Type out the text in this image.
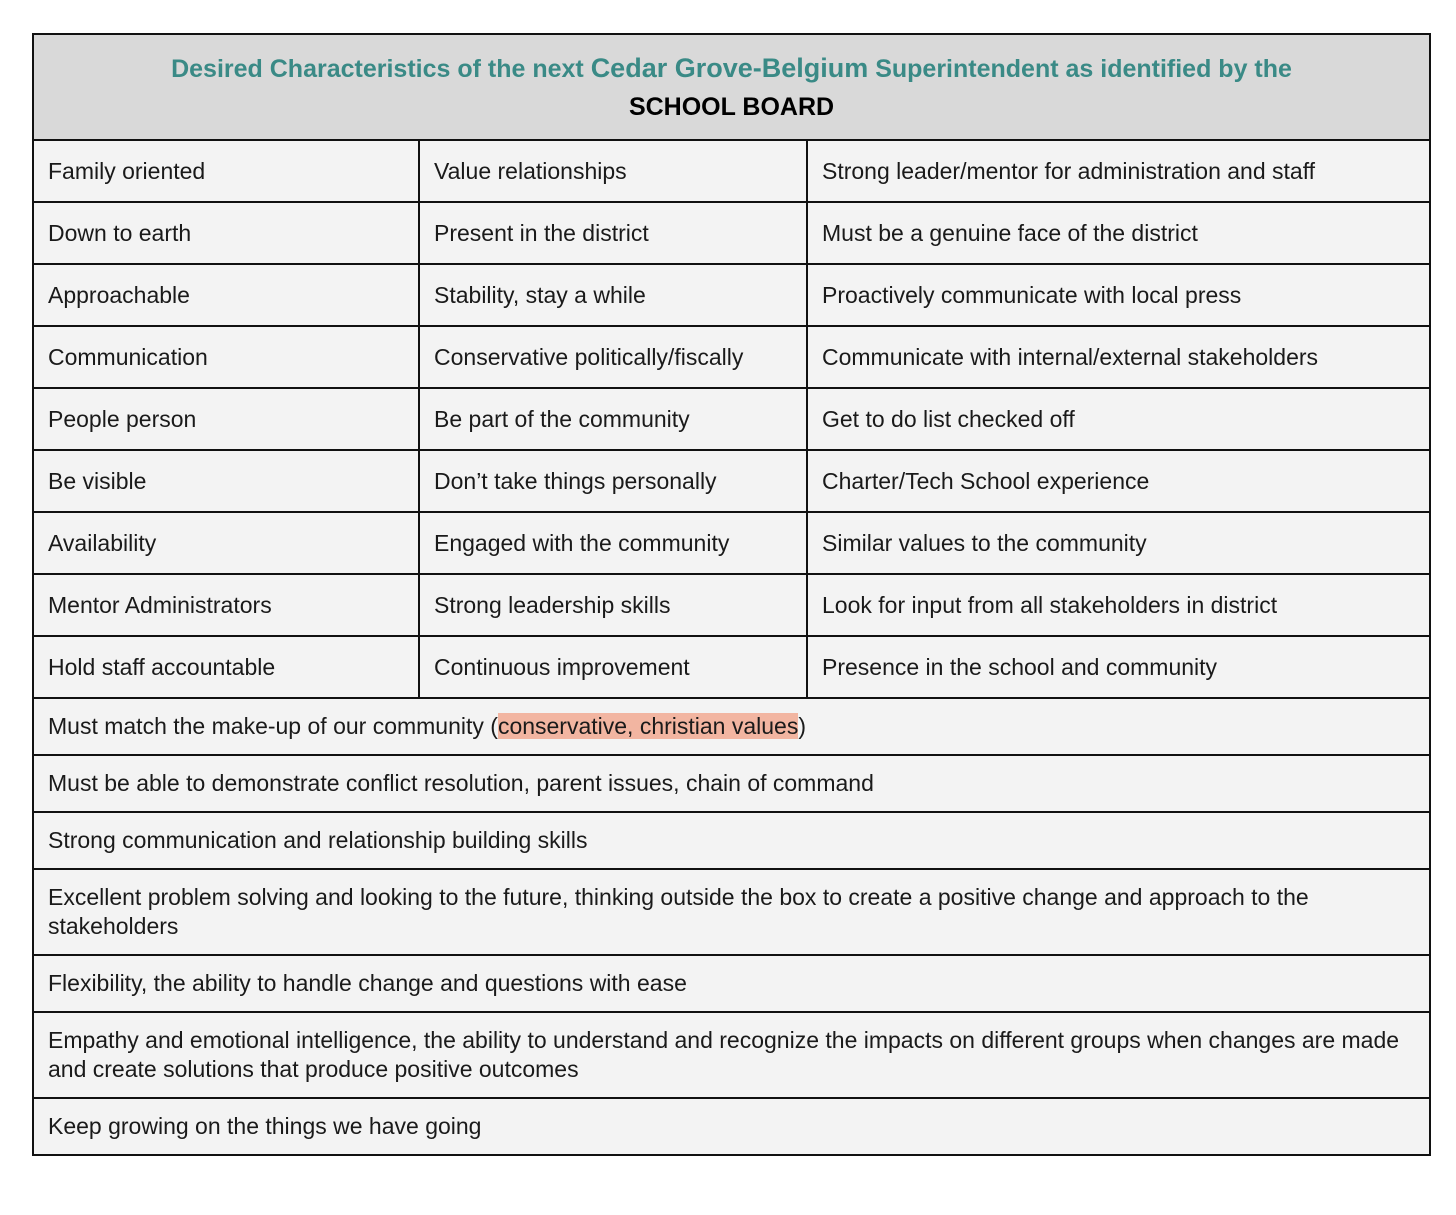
Desired Characteristics of the next Cedar Grove-Belgium Superintendent as identified by the
SCHOOL BOARD		

Family oriented	Value relationships	Strong leader/mentor for administration and staff
Down to earth	Present in the district	Must be a genuine face of the district
Approachable	Stability, stay a while	Proactively communicate with local press
Communication	Conservative politically/fiscally	Communicate with internal/external stakeholders
People person	Be part of the community	Get to do list checked off
Be visible	Don’t take things personally	Charter/Tech School experience
Availability	Engaged with the community	Similar values to the community
Mentor Administrators	Strong leadership skills	Look for input from all stakeholders in district
Hold staff accountable	Continuous improvement	Presence in the school and community
Must match the make-up of our community (conservative, christian values)		
Must be able to demonstrate conflict resolution, parent issues, chain of command		
Strong communication and relationship building skills		
Excellent problem solving and looking to the future, thinking outside the box to create a positive change and approach to the stakeholders		
Flexibility, the ability to handle change and questions with ease		
Empathy and emotional intelligence, the ability to understand and recognize the impacts on different groups when changes are made and create solutions that produce positive outcomes		
Keep growing on the things we have going		
